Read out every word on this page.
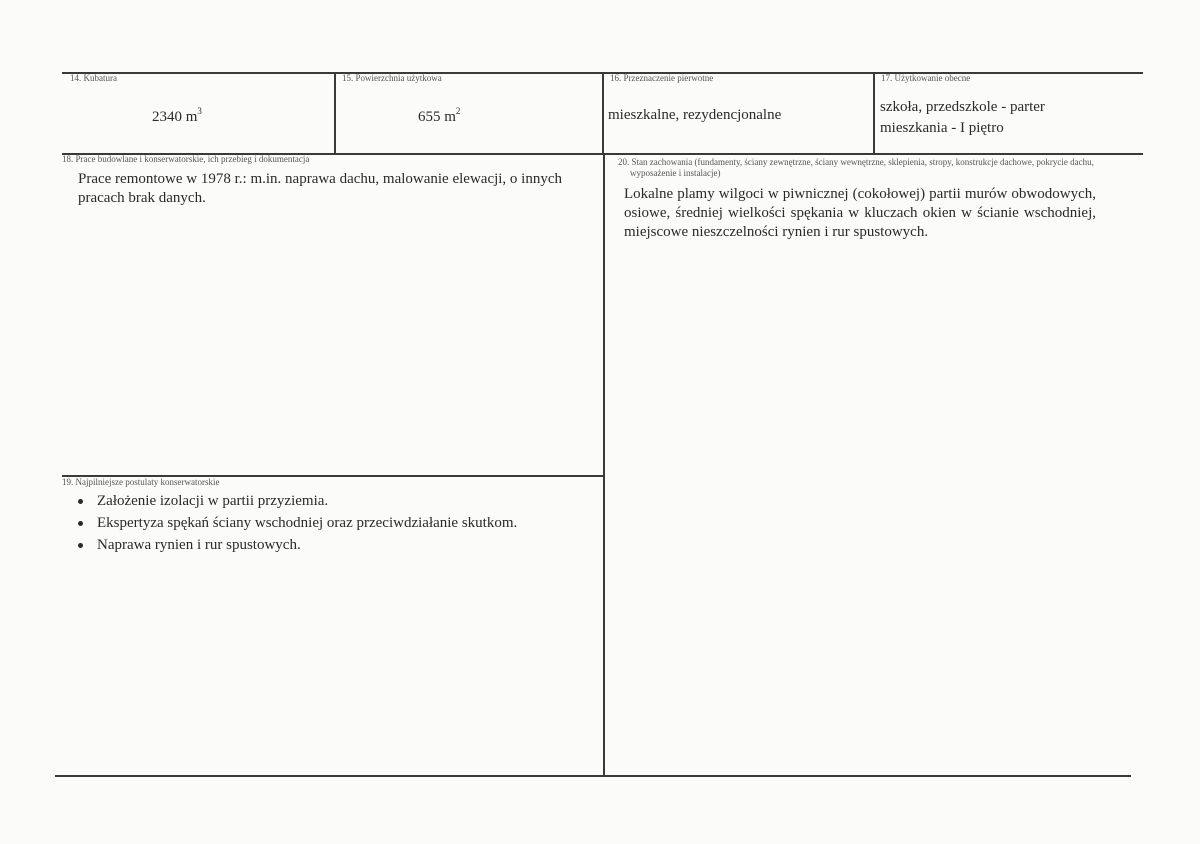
14. Kubatura
2340 $m^3$
15. Powierzchnia użytkowa
655 $m^2$
16. Przeznaczenie pierwotne
mieszkalne, rezydencjonalne
17. Użytkowanie obecne
szkoła, przedszkole - parter
mieszkania - I piętro
18. Prace budowlane i konserwatorskie, ich przebieg i dokumentacja
Prace remontowe w 1978 r.: m.in. naprawa dachu, malowanie elewacji, o innych pracach brak danych.
20. Stan zachowania (fundamenty, ściany zewnętrzne, ściany wewnętrzne, sklepienia, stropy, konstrukcje dachowe, pokrycie dachu, wyposażenie i instalacje)
Lokalne plamy wilgoci w piwnicznej (cokołowej) partii murów obwodowych, osiowe, średniej wielkości spękania w kluczach okien w ścianie wschodniej, miejscowe nieszczelności rynien i rur spustowych.
19. Najpilniejsze postulaty konserwatorskie
Założenie izolacji w partii przyziemia.
Ekspertyza spękań ściany wschodniej oraz przeciwdziałanie skutkom.
Naprawa rynien i rur spustowych.
